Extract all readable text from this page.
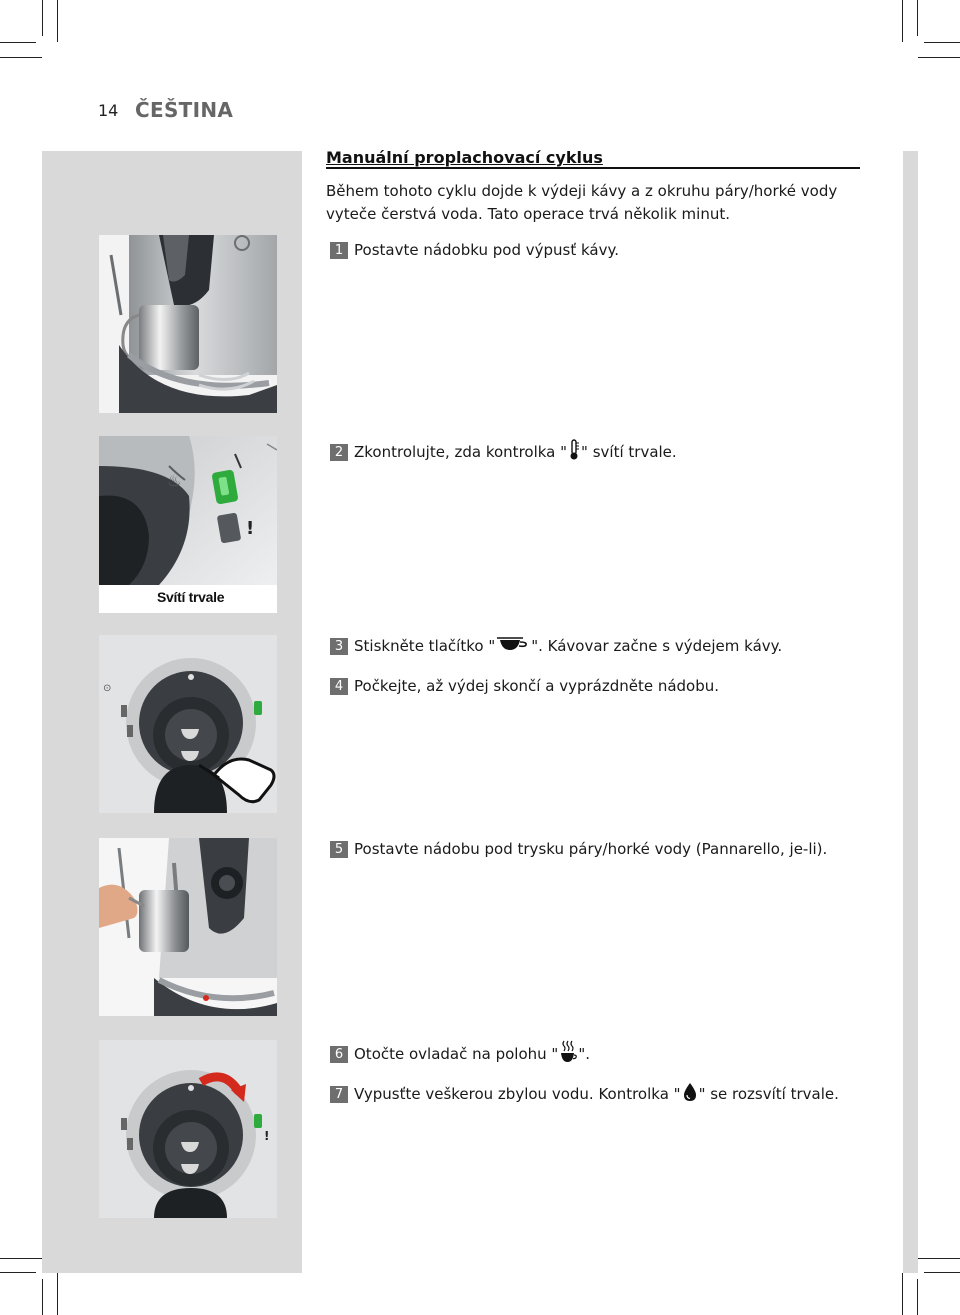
14 ČEŠTINA
Manuální proplachovací cyklus
Během tohoto cyklu dojde k výdeji kávy a z okruhu páry/horké vody vyteče čerstvá voda. Tato operace trvá několik minut.
1 Postavte nádobku pod výpusť kávy.
2 Zkontrolujte, zda kontrolka " " svítí trvale.
3 Stiskněte tlačítko " ". Kávovar začne s výdejem kávy.
4 Počkejte, až výdej skončí a vyprázdněte nádobu.
5 Postavte nádobu pod trysku páry/horké vody (Pannarello, je-li).
6 Otočte ovladač na polohu " ".
7 Vypusťte veškerou zbylou vodu. Kontrolka " " se rozsvítí trvale.
♨
!
Svítí trvale
⊙
!
